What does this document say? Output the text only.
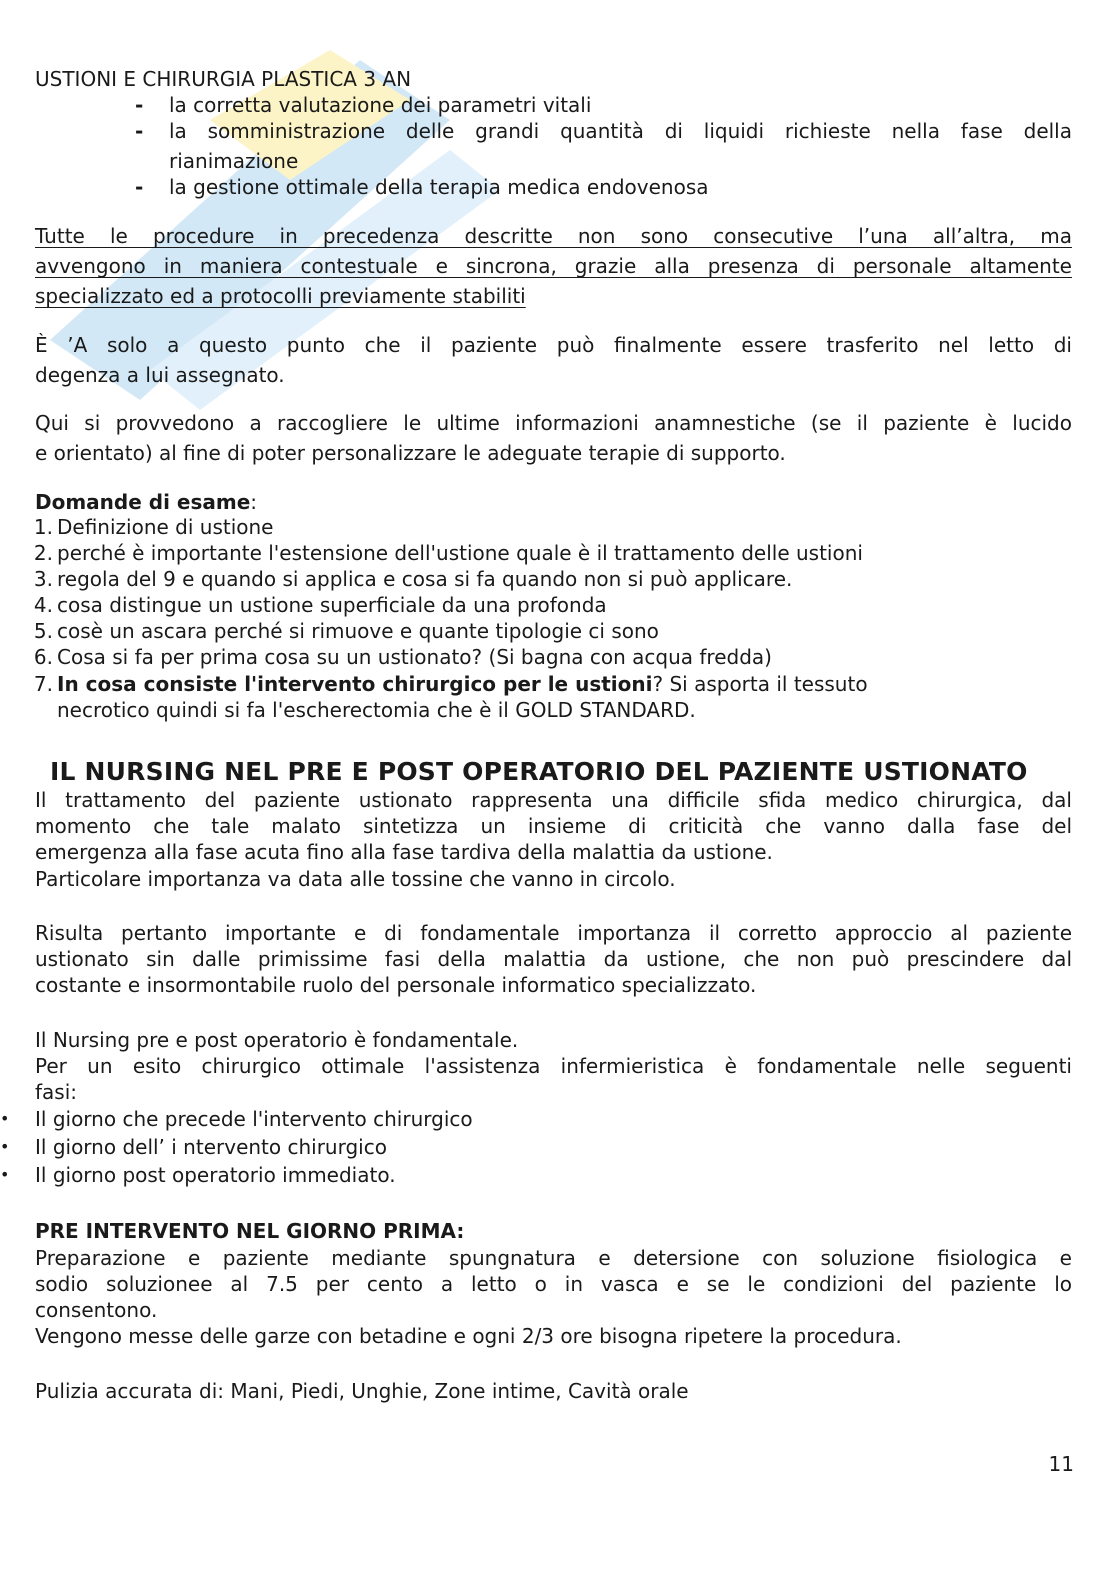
USTIONI E CHIRURGIA PLASTICA 3 AN
- la corretta valutazione dei parametri vitali
- la somministrazione delle grandi quantità di liquidi richieste nella fase della
rianimazione
- la gestione ottimale della terapia medica endovenosa
Tutte le procedure in precedenza descritte non sono consecutive l’una all’altra, ma
avvengono in maniera contestuale e sincrona, grazie alla presenza di personale altamente
specializzato ed a protocolli previamente stabiliti
È ’A solo a questo punto che il paziente può finalmente essere trasferito nel letto di
degenza a lui assegnato.
Qui si provvedono a raccogliere le ultime informazioni anamnestiche (se il paziente è lucido
e orientato) al fine di poter personalizzare le adeguate terapie di supporto.
Domande di esame:
1. Definizione di ustione
2. perché è importante l'estensione dell'ustione quale è il trattamento delle ustioni
3. regola del 9 e quando si applica e cosa si fa quando non si può applicare.
4. cosa distingue un ustione superficiale da una profonda
5. cosè un ascara perché si rimuove e quante tipologie ci sono
6. Cosa si fa per prima cosa su un ustionato? (Si bagna con acqua fredda)
7. In cosa consiste l'intervento chirurgico per le ustioni? Si asporta il tessuto
necrotico quindi si fa l'escherectomia che è il GOLD STANDARD.
IL NURSING NEL PRE E POST OPERATORIO DEL PAZIENTE USTIONATO
Il trattamento del paziente ustionato rappresenta una difficile sfida medico chirurgica, dal
momento che tale malato sintetizza un insieme di criticità che vanno dalla fase del
emergenza alla fase acuta fino alla fase tardiva della malattia da ustione.
Particolare importanza va data alle tossine che vanno in circolo.
Risulta pertanto importante e di fondamentale importanza il corretto approccio al paziente
ustionato sin dalle primissime fasi della malattia da ustione, che non può prescindere dal
costante e insormontabile ruolo del personale informatico specializzato.
Il Nursing pre e post operatorio è fondamentale.
Per un esito chirurgico ottimale l'assistenza infermieristica è fondamentale nelle seguenti
fasi:
• Il giorno che precede l'intervento chirurgico
• Il giorno dell’ i ntervento chirurgico
• Il giorno post operatorio immediato.
PRE INTERVENTO NEL GIORNO PRIMA:
Preparazione e paziente mediante spungnatura e detersione con soluzione fisiologica e
sodio soluzionee al 7.5 per cento a letto o in vasca e se le condizioni del paziente lo
consentono.
Vengono messe delle garze con betadine e ogni 2/3 ore bisogna ripetere la procedura.
Pulizia accurata di: Mani, Piedi, Unghie, Zone intime, Cavità orale
11
